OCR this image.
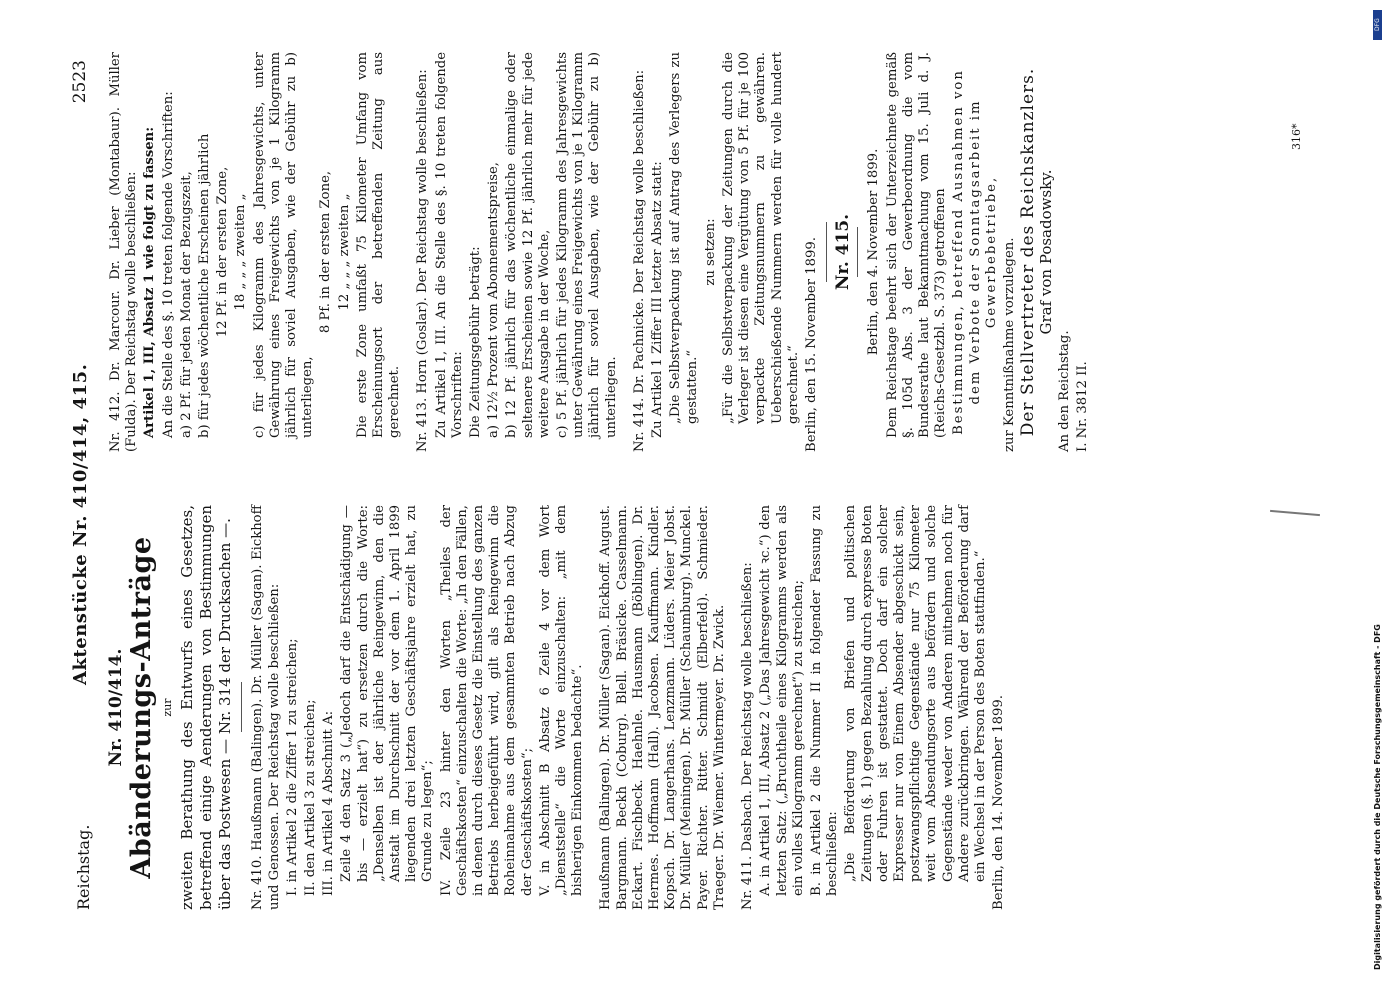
Reichstag.
Aktenstücke Nr. 410/414, 415.
2523

Nr. 410/414. Abänderungs-Anträge zur zweiten Berathung des Entwurfs eines Gesetzes, betreffend einige Aenderungen von Bestimmungen über das Postwesen — Nr. 314 der Drucksachen —. Nr. 410. Haußmann (Balingen). Dr. Müller (Sagan). Eickhoff und Genossen. Der Reichstag wolle beschließen: I. in Artikel 2 die Ziffer 1 zu streichen; II. den Artikel 3 zu streichen; III. in Artikel 4 Abschnitt A: Zeile 4 den Satz 3 („Jedoch darf die Entschädigung — bis — erzielt hat“) zu ersetzen durch die Worte: „Denselben ist der jährliche Reingewinn, den die Anstalt im Durchschnitt der vor dem 1. April 1899 liegenden drei letzten Geschäftsjahre erzielt hat, zu Grunde zu legen“; IV. Zeile 23 hinter den Worten „Theiles der Geschäftskosten“ einzuschalten die Worte: „In den Fällen, in denen durch dieses Gesetz die Einstellung des ganzen Betriebs herbeigeführt wird, gilt als Reingewinn die Roheinnahme aus dem gesammten Betrieb nach Abzug der Geschäftskosten“; V. in Abschnitt B Absatz 6 Zeile 4 vor dem Wort „Dienststelle“ die Worte einzuschalten: „mit dem bisherigen Einkommen bedachte“. Haußmann (Balingen). Dr. Müller (Sagan). Eickhoff. August. Bargmann. Beckh (Coburg). Blell. Bräsicke. Casselmann. Eckart. Fischbeck. Haehnle. Hausmann (Böblingen). Dr. Hermes. Hoffmann (Hall). Jacobsen. Kauffmann. Kindler. Kopsch. Dr. Langerhans. Lenzmann. Lüders. Meier Jobst. Dr. Müller (Meiningen). Dr. Müller (Schaumburg). Munckel. Payer. Richter. Ritter. Schmidt (Elberfeld). Schmieder. Traeger. Dr. Wiemer. Wintermeyer. Dr. Zwick. Nr. 411. Dasbach. Der Reichstag wolle beschließen: A. in Artikel 1, III, Absatz 2 („Das Jahresgewicht ꝛc.“) den letzten Satz: („Bruchtheile eines Kilogramms werden als ein volles Kilogramm gerechnet“) zu streichen; B. in Artikel 2 die Nummer II in folgender Fassung zu beschließen: „Die Beförderung von Briefen und politischen Zeitungen (§. 1) gegen Bezahlung durch expresse Boten oder Fuhren ist gestattet. Doch darf ein solcher Expresser nur von Einem Absender abgeschickt sein, postzwangspflichtige Gegenstände nur 75 Kilometer weit vom Absendungsorte aus befördern und solche Gegenstände weder von Anderen mitnehmen noch für Andere zurückbringen. Während der Beförderung darf ein Wechsel in der Person des Boten stattfinden.“ Berlin, den 14. November 1899.

Nr. 412. Dr. Marcour. Dr. Lieber (Montabaur). Müller (Fulda). Der Reichstag wolle beschließen: Artikel 1, III, Absatz 1 wie folgt zu fassen: An die Stelle des §. 10 treten folgende Vorschriften: a) 2 Pf. für jeden Monat der Bezugszeit, b) für jedes wöchentliche Erscheinen jährlich 12 Pf. in der ersten Zone, 18 „ „ „ zweiten „ c) für jedes Kilogramm des Jahresgewichts, unter Gewährung eines Freigewichts von je 1 Kilogramm jährlich für soviel Ausgaben, wie der Gebühr zu b) unterliegen,

8 Pf. in der ersten Zone, 12 „ „ „ zweiten „ Die erste Zone umfaßt 75 Kilometer Umfang vom Erscheinungsort der betreffenden Zeitung aus gerechnet. Nr. 413. Horn (Goslar). Der Reichstag wolle beschließen: Zu Artikel 1, III. An die Stelle des §. 10 treten folgende Vorschriften: Die Zeitungsgebühr beträgt: a) 12½ Prozent vom Abonnementspreise, b) 12 Pf. jährlich für das wöchentliche einmalige oder seltenere Erscheinen sowie 12 Pf. jährlich mehr für jede weitere Ausgabe in der Woche, c) 5 Pf. jährlich für jedes Kilogramm des Jahresgewichts unter Gewährung eines Freigewichts von je 1 Kilogramm jährlich für soviel Ausgaben, wie der Gebühr zu b) unterliegen. Nr. 414. Dr. Pachnicke. Der Reichstag wolle beschließen: Zu Artikel 1 Ziffer III letzter Absatz statt: „Die Selbstverpackung ist auf Antrag des Verlegers zu gestatten.“

zu setzen: „Für die Selbstverpackung der Zeitungen durch die Verleger ist diesen eine Vergütung von 5 Pf. für je 100 verpackte Zeitungsnummern zu gewähren. Ueberschießende Nummern werden für volle hundert gerechnet.“ Berlin, den 15. November 1899. Nr. 415. Berlin, den 4. November 1899. Dem Reichstage beehrt sich der Unterzeichnete gemäß §. 105d Abs. 3 der Gewerbeordnung die vom Bundesrathe laut Bekanntmachung vom 15. Juli d. J. (Reichs-Gesetzbl. S. 373) getroffenen Bestimmungen, betreffend Ausnahmen von dem Verbote der Sonntagsarbeit im Gewerbebetriebe, zur Kenntnißnahme vorzulegen. Der Stellvertreter des Reichskanzlers. Graf von Posadowsky.

An den Reichstag. I. Nr. 3812 II.

316*
DFG
Digitalisierung gefördert durch die Deutsche Forschungsgemeinschaft - DFG
